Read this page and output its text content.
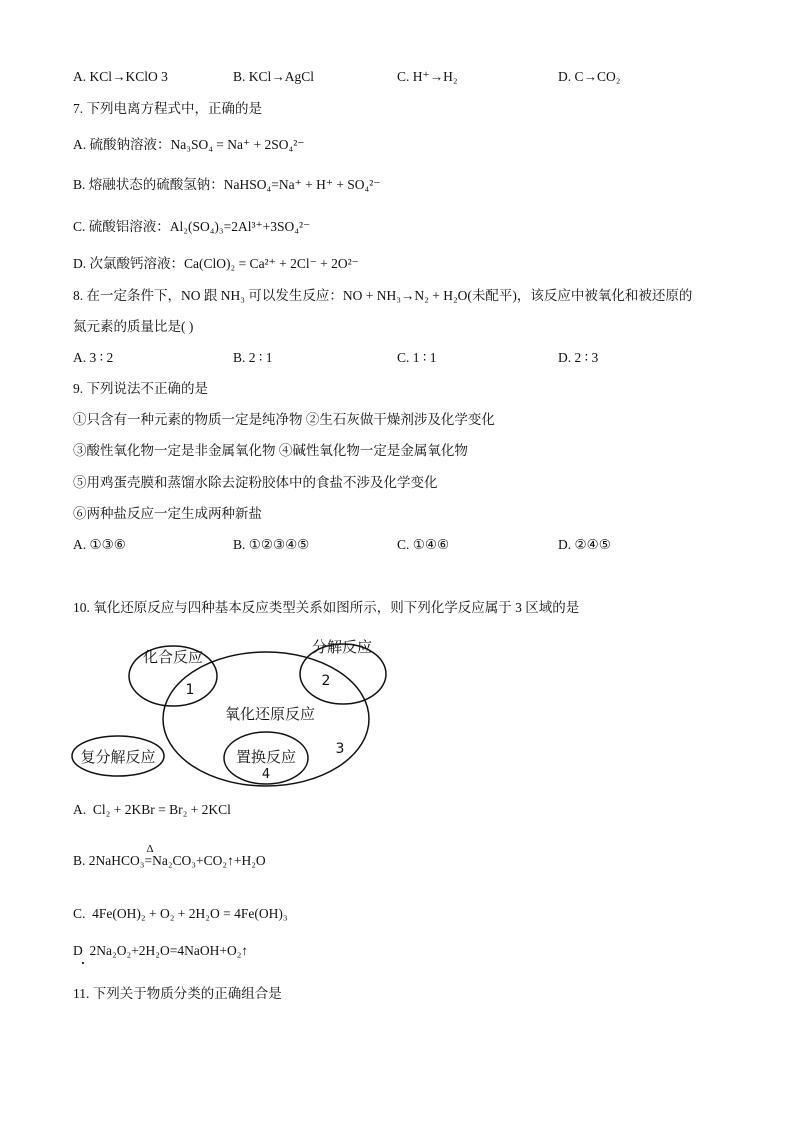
A. KCl→KClO 3	B. KCl→AgCl	C. H⁺→H₂	D. C→CO₂
7. 下列电离方程式中，正确的是
A. 硫酸钠溶液：Na₃SO₄ = Na⁺ + 2SO₄²⁻
B. 熔融状态的硫酸氢钠：NaHSO₄=Na⁺ + H⁺ + SO₄²⁻
C. 硫酸铝溶液：Al₂(SO₄)₃=2Al³⁺+3SO₄²⁻
D. 次氯酸钙溶液：Ca(ClO)₂ = Ca²⁺ + 2Cl⁻ + 2O²⁻
8. 在一定条件下，NO 跟 NH₃ 可以发生反应：NO + NH₃→N₂ + H₂O(未配平)，该反应中被氧化和被还原的
氮元素的质量比是( )
A. 3 ∶ 2	B. 2 ∶ 1	C. 1 ∶ 1	D. 2 ∶ 3
9. 下列说法不正确的是
①只含有一种元素的物质一定是纯净物 ②生石灰做干燥剂涉及化学变化
③酸性氧化物一定是非金属氧化物 ④碱性氧化物一定是金属氧化物
⑤用鸡蛋壳膜和蒸馏水除去淀粉胶体中的食盐不涉及化学变化
⑥两种盐反应一定生成两种新盐
A. ①③⑥	B. ①②③④⑤	C. ①④⑥	D. ②④⑤
10. 氧化还原反应与四种基本反应类型关系如图所示，则下列化学反应属于 3 区域的是
化合反应
1
分解反应
2
氧化还原反应
3
复分解反应	置换反应
4
A. Cl₂ + 2KBr = Br₂ + 2KCl
B. 2NaHCO₃
Δ
=Na₂CO₃+CO₂↑+H₂O
C. 4Fe(OH)₂ + O₂ + 2H₂O = 4Fe(OH)₃
D 2Na₂O₂+2H₂O=4NaOH+O₂↑
11. 下列关于物质分类的正确组合是
